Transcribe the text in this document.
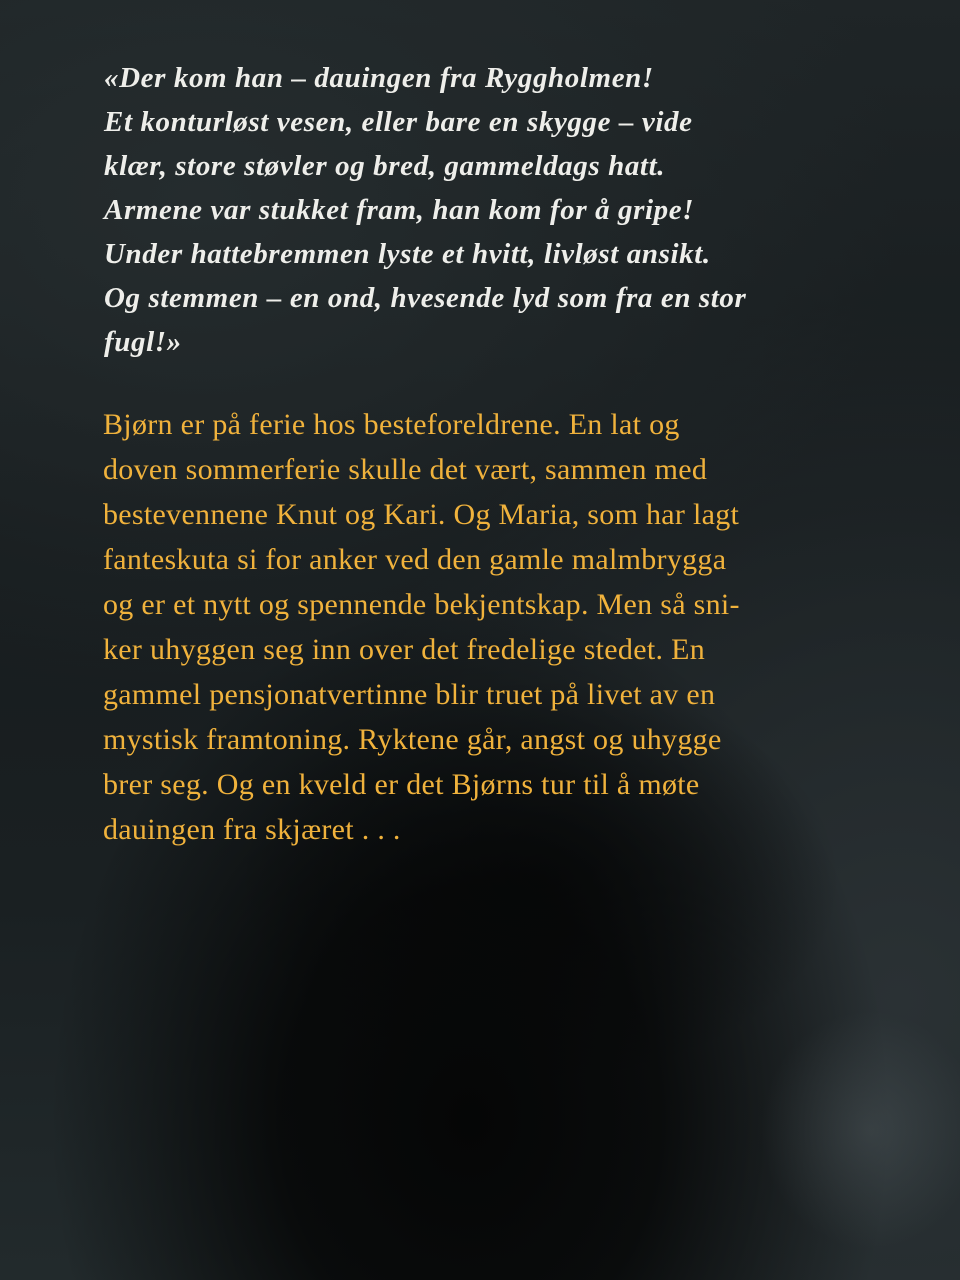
«Der kom han – dauingen fra Ryggholmen!
Et konturløst vesen, eller bare en skygge – vide
klær, store støvler og bred, gammeldags hatt.
Armene var stukket fram, han kom for å gripe!
Under hattebremmen lyste et hvitt, livløst ansikt.
Og stemmen – en ond, hvesende lyd som fra en stor
fugl!»

Bjørn er på ferie hos besteforeldrene. En lat og
doven sommerferie skulle det vært, sammen med
bestevennene Knut og Kari. Og Maria, som har lagt
fanteskuta si for anker ved den gamle malmbrygga
og er et nytt og spennende bekjentskap. Men så sni-
ker uhyggen seg inn over det fredelige stedet. En
gammel pensjonatvertinne blir truet på livet av en
mystisk framtoning. Ryktene går, angst og uhygge
brer seg. Og en kveld er det Bjørns tur til å møte
dauingen fra skjæret . . .
